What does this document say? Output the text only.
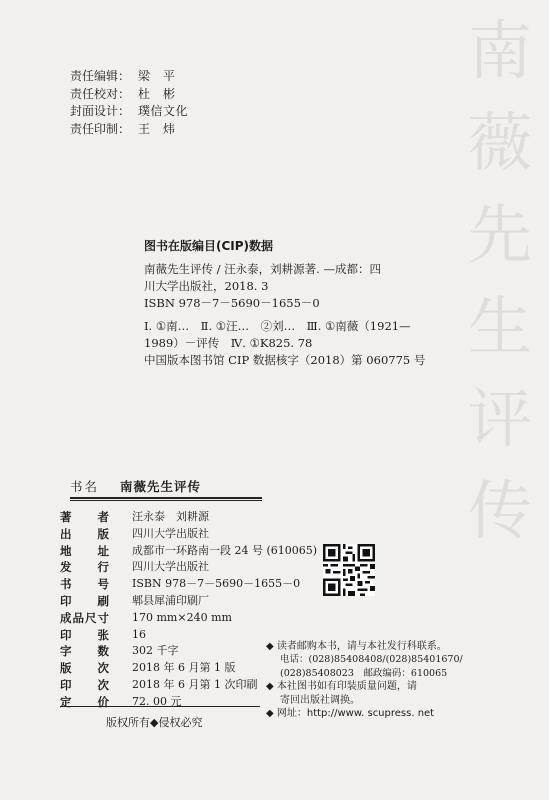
南
薇
先
生
评
传
责任编辑： 梁　平
责任校对： 杜　彬
封面设计： 璞信文化
责任印制： 王　炜
图书在版编目(CIP)数据
南薇先生评传 / 汪永泰，刘耕源著. —成都：四
川大学出版社，2018. 3
ISBN 978－7－5690－1655－0
Ⅰ. ①南…　Ⅱ. ①汪…　②刘…　Ⅲ. ①南薇（1921—
1989）－评传　Ⅳ. ①K825. 78
中国版本图书馆 CIP 数据核字（2018）第 060775 号
书名	南薇先生评传
著　　者	汪永泰　刘耕源
出　　版	四川大学出版社
地　　址	成都市一环路南一段 24 号 (610065)
发　　行	四川大学出版社
书　　号	ISBN 978－7－5690－1655－0
印　　刷	郫县犀浦印刷厂
成品尺寸	170 mm×240 mm
印　　张	16
字　　数	302 千字
版　　次	2018 年 6 月第 1 版
印　　次	2018 年 6 月第 1 次印刷
定　　价	72. 00 元
版权所有◆侵权必究
◆ 读者邮购本书，请与本社发行科联系。
电话：(028)85408408/(028)85401670/
(028)85408023　邮政编码：610065
◆ 本社图书如有印装质量问题，请
寄回出版社调换。
◆ 网址：http://www. scupress. net
